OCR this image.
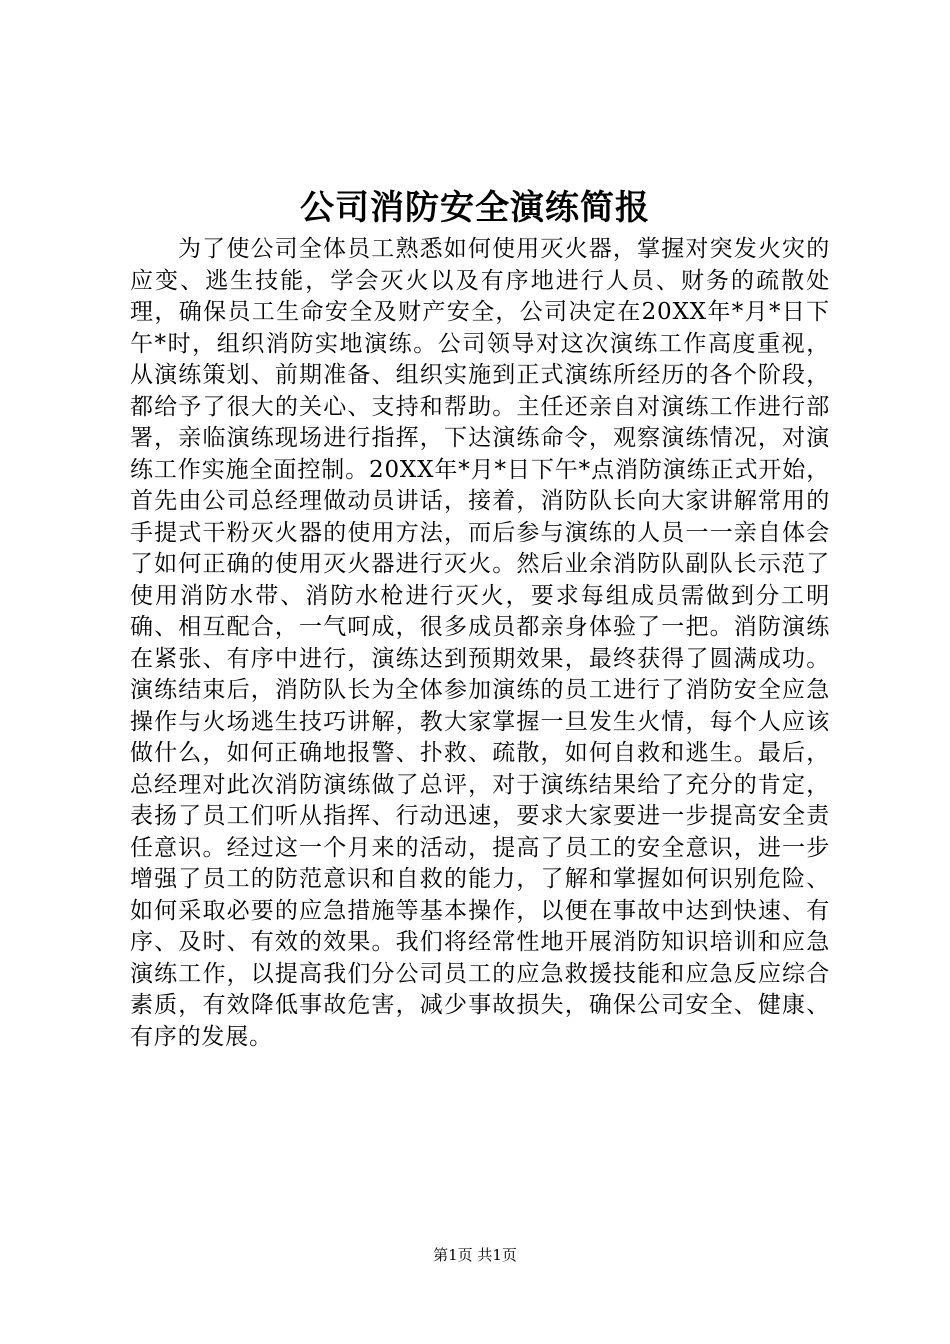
公司消防安全演练简报

为了使公司全体员工熟悉如何使用灭火器，掌握对突发火灾的应变、逃生技能，学会灭火以及有序地进行人员、财务的疏散处理，确保员工生命安全及财产安全，公司决定在20XX年*月*日下午*时，组织消防实地演练。公司领导对这次演练工作高度重视，从演练策划、前期准备、组织实施到正式演练所经历的各个阶段，都给予了很大的关心、支持和帮助。主任还亲自对演练工作进行部署，亲临演练现场进行指挥，下达演练命令，观察演练情况，对演练工作实施全面控制。20XX年*月*日下午*点消防演练正式开始，首先由公司总经理做动员讲话，接着，消防队长向大家讲解常用的手提式干粉灭火器的使用方法，而后参与演练的人员一一亲自体会了如何正确的使用灭火器进行灭火。然后业余消防队副队长示范了使用消防水带、消防水枪进行灭火，要求每组成员需做到分工明确、相互配合，一气呵成，很多成员都亲身体验了一把。消防演练在紧张、有序中进行，演练达到预期效果，最终获得了圆满成功。演练结束后，消防队长为全体参加演练的员工进行了消防安全应急操作与火场逃生技巧讲解，教大家掌握一旦发生火情，每个人应该做什么，如何正确地报警、扑救、疏散，如何自救和逃生。最后，总经理对此次消防演练做了总评，对于演练结果给了充分的肯定，表扬了员工们听从指挥、行动迅速，要求大家要进一步提高安全责任意识。经过这一个月来的活动，提高了员工的安全意识，进一步增强了员工的防范意识和自救的能力，了解和掌握如何识别危险、如何采取必要的应急措施等基本操作，以便在事故中达到快速、有序、及时、有效的效果。我们将经常性地开展消防知识培训和应急演练工作，以提高我们分公司员工的应急救援技能和应急反应综合素质，有效降低事故危害，减少事故损失，确保公司安全、健康、有序的发展。

第1页 共1页
